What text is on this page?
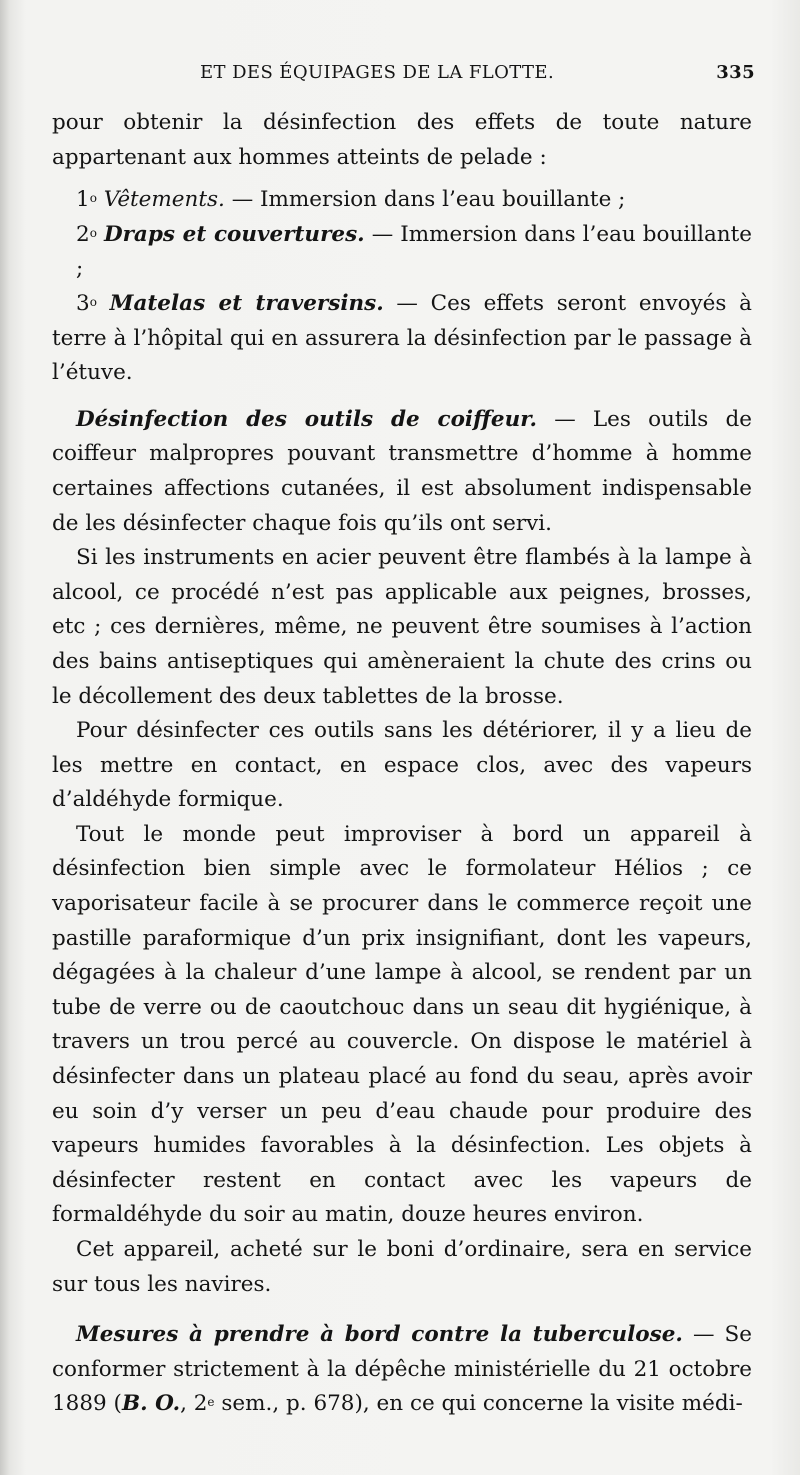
ET DES ÉQUIPAGES DE LA FLOTTE.	335

pour obtenir la désinfection des effets de toute nature appartenant aux hommes atteints de pelade :

1$^o$ Vêtements. — Immersion dans l’eau bouillante ;

2$^o$ Draps et couvertures. — Immersion dans l’eau bouillante ;

3$^o$ Matelas et traversins. — Ces effets seront envoyés à terre à l’hôpital qui en assurera la désinfection par le passage à l’étuve.

Désinfection des outils de coiffeur. — Les outils de coiffeur malpropres pouvant transmettre d’homme à homme certaines affections cutanées, il est absolument indispensable de les désinfecter chaque fois qu’ils ont servi.

Si les instruments en acier peuvent être flambés à la lampe à alcool, ce procédé n’est pas applicable aux peignes, brosses, etc ; ces dernières, même, ne peuvent être soumises à l’action des bains antiseptiques qui amèneraient la chute des crins ou le décollement des deux tablettes de la brosse.

Pour désinfecter ces outils sans les détériorer, il y a lieu de les mettre en contact, en espace clos, avec des vapeurs d’aldéhyde formique.

Tout le monde peut improviser à bord un appareil à désinfection bien simple avec le formolateur Hélios ; ce vaporisateur facile à se procurer dans le commerce reçoit une pastille paraformique d’un prix insignifiant, dont les vapeurs, dégagées à la chaleur d’une lampe à alcool, se rendent par un tube de verre ou de caoutchouc dans un seau dit hygiénique, à travers un trou percé au couvercle. On dispose le matériel à désinfecter dans un plateau placé au fond du seau, après avoir eu soin d’y verser un peu d’eau chaude pour produire des vapeurs humides favorables à la désinfection. Les objets à désinfecter restent en contact avec les vapeurs de formaldéhyde du soir au matin, douze heures environ.

Cet appareil, acheté sur le boni d’ordinaire, sera en service sur tous les navires.

Mesures à prendre à bord contre la tuberculose. — Se conformer strictement à la dépêche ministérielle du 21 octobre 1889 (B. O., 2e sem., p. 678), en ce qui concerne la visite médi-
